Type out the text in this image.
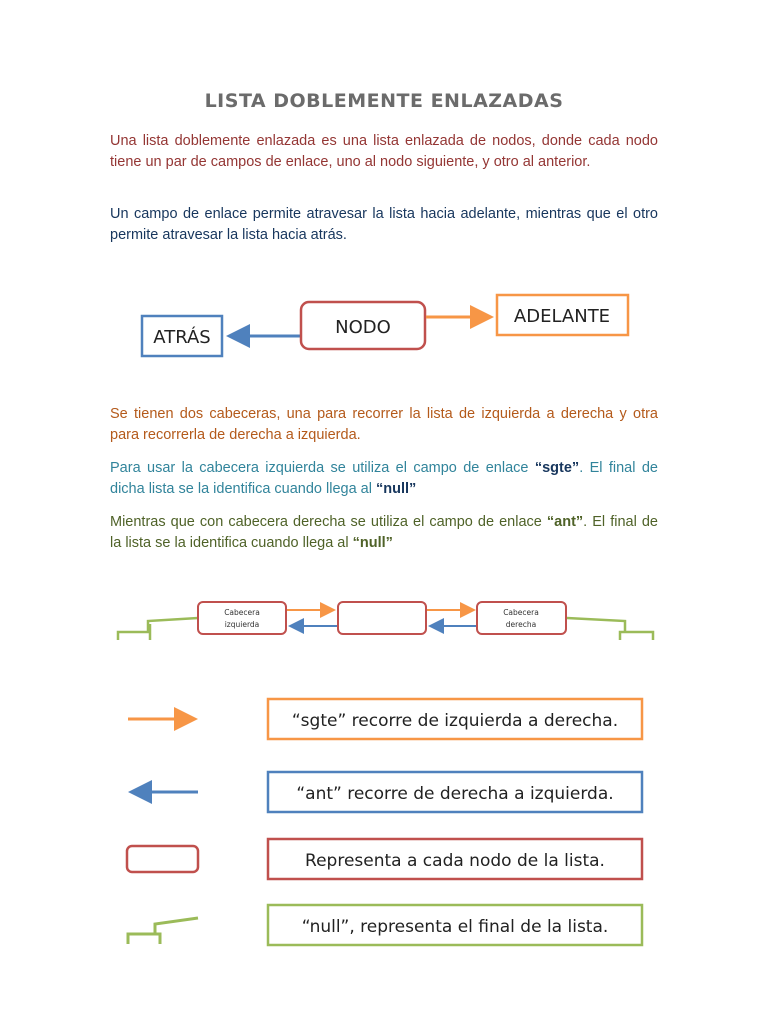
LISTA DOBLEMENTE ENLAZADAS

Una lista doblemente enlazada es una lista enlazada de nodos, donde cada nodo tiene un par de campos de enlace, uno al nodo siguiente, y otro al anterior.

Un campo de enlace permite atravesar la lista hacia adelante, mientras que el otro permite atravesar la lista hacia atrás.

Se tienen dos cabeceras, una para recorrer la lista de izquierda a derecha y otra para recorrerla de derecha a izquierda.

Para usar la cabecera izquierda se utiliza el campo de enlace “sgte”. El final de dicha lista se la identifica cuando llega al “null”

Mientras que con cabecera derecha se utiliza el campo de enlace “ant”. El final de la lista se la identifica cuando llega al “null”

ATRÁS	NODO
ADELANTE
Cabecera
izquierda
Cabecera
derecha
“sgte” recorre de izquierda a derecha.
“ant” recorre de derecha a izquierda.
Representa a cada nodo de la lista.
“null”, representa el final de la lista.
